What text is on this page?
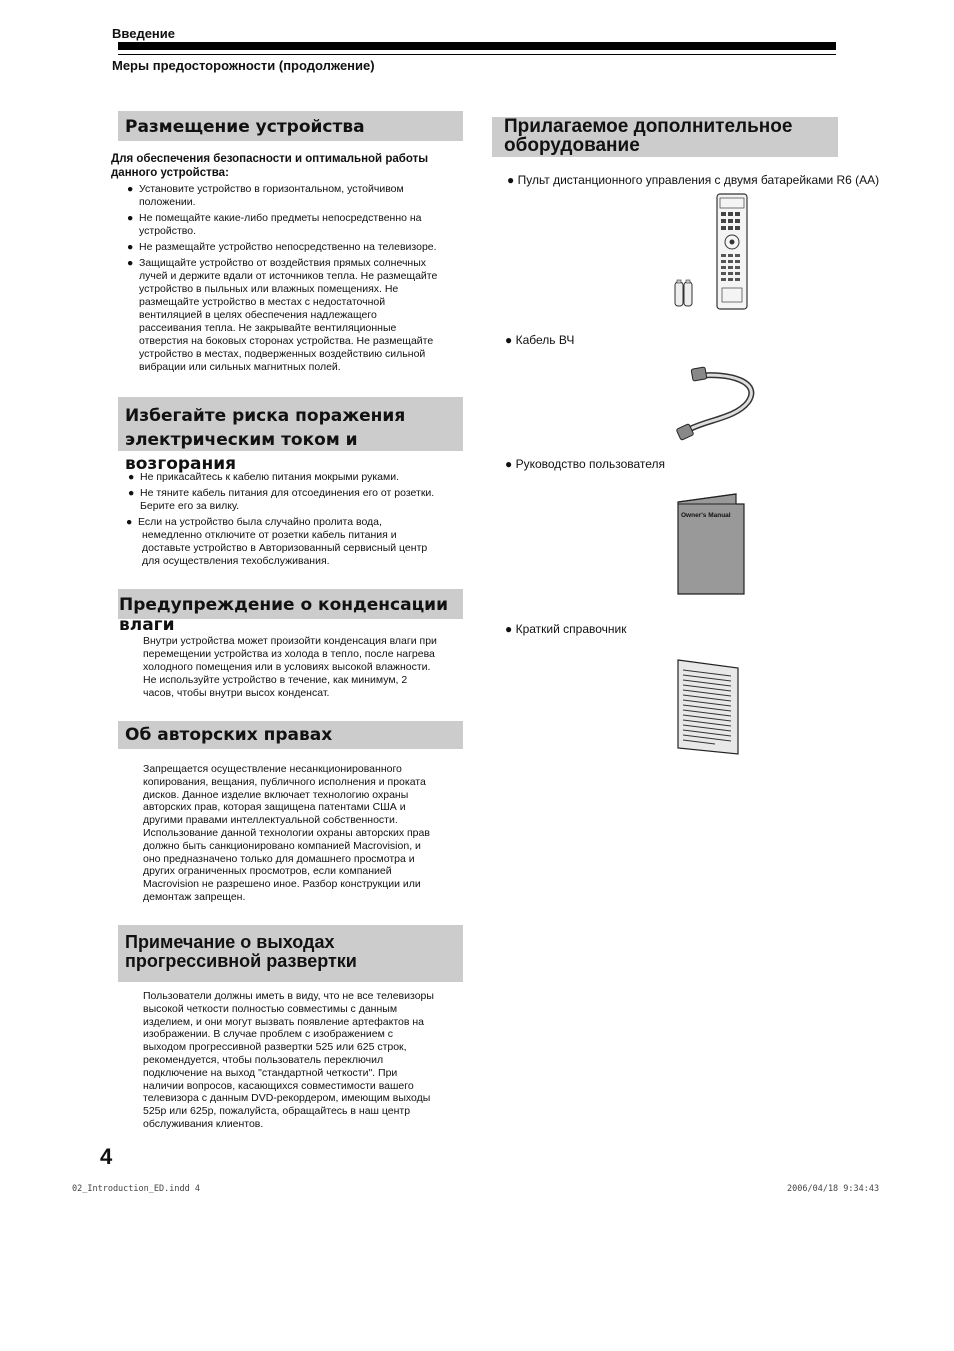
Введение
Меры предосторожности (продолжение)
Размещение устройства
Для обеспечения безопасности и оптимальной работы
данного устройства:
● Установите устройство в горизонтальном, устойчивом
положении.
● Не помещайте какие-либо предметы непосредственно на
устройство.
● Не размещайте устройство непосредственно на телевизоре.
● Защищайте устройство от воздействия прямых солнечных
лучей и держите вдали от источников тепла. Не размещайте
устройство в пыльных или влажных помещениях. Не
размещайте устройство в местах с недостаточной
вентиляцией в целях обеспечения надлежащего
рассеивания тепла. Не закрывайте вентиляционные
отверстия на боковых сторонах устройства. Не размещайте
устройство в местах, подверженных воздействию сильной
вибрации или сильных магнитных полей.
Избегайте риска поражения
электрическим током и возгорания
● Не прикасайтесь к кабелю питания мокрыми руками.
● Не тяните кабель питания для отсоединения его от розетки.
Берите его за вилку.
● Если на устройство была случайно пролита вода,
немедленно отключите от розетки кабель питания и
доставьте устройство в Авторизованный сервисный центр
для осуществления техобслуживания.
Предупреждение о конденсации влаги
Внутри устройства может произойти конденсация влаги при
перемещении устройства из холода в тепло, после нагрева
холодного помещения или в условиях высокой влажности.
Не используйте устройство в течение, как минимум, 2
часов, чтобы внутри высох конденсат.
Об авторских правах
Запрещается осуществление несанкционированного
копирования, вещания, публичного исполнения и проката
дисков. Данное изделие включает технологию охраны
авторских прав, которая защищена патентами США и
другими правами интеллектуальной собственности.
Использование данной технологии охраны авторских прав
должно быть санкционировано компанией Macrovision, и
оно предназначено только для домашнего просмотра и
других ограниченных просмотров, если компанией
Macrovision не разрешено иное. Разбор конструкции или
демонтаж запрещен.
Примечание о выходах
прогрессивной развертки
Пользователи должны иметь в виду, что не все телевизоры
высокой четкости полностью совместимы с данным
изделием, и они могут вызвать появление артефактов на
изображении. В случае проблем с изображением с
выходом прогрессивной развертки 525 или 625 строк,
рекомендуется, чтобы пользователь переключил
подключение на выход "стандартной четкости". При
наличии вопросов, касающихся совместимости вашего
телевизора с данным DVD-рекордером, имеющим выходы
525p или 625p, пожалуйста, обращайтесь в наш центр
обслуживания клиентов.
Прилагаемое дополнительное
оборудование
● Пульт дистанционного управления с двумя батарейками R6 (AA)
● Кабель ВЧ
● Руководство пользователя
Owner's Manual
● Краткий справочник
4
02_Introduction_ED.indd 4	2006/04/18 9:34:43
